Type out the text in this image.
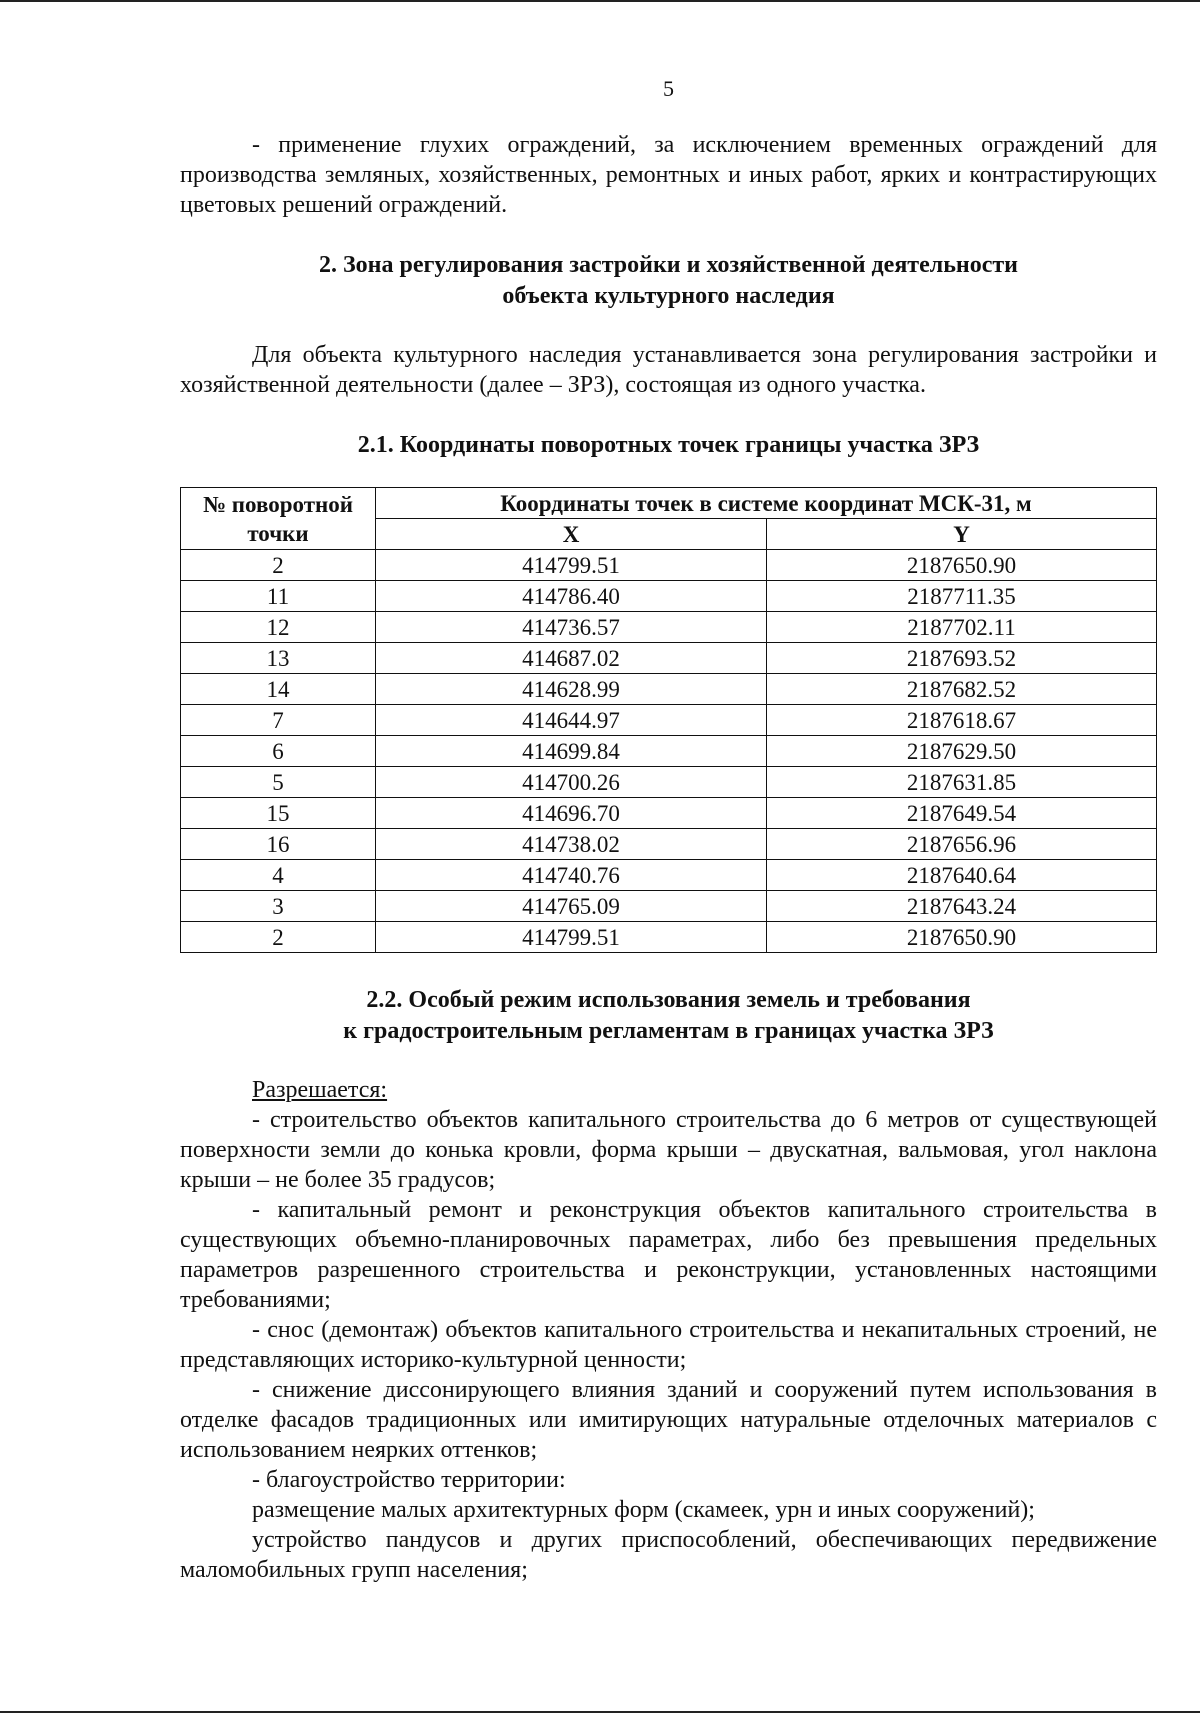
5

- применение глухих ограждений, за исключением временных ограждений для производства земляных, хозяйственных, ремонтных и иных работ, ярких и контрастирующих цветовых решений ограждений.

2. Зона регулирования застройки и хозяйственной деятельности
объекта культурного наследия

Для объекта культурного наследия устанавливается зона регулирования застройки и хозяйственной деятельности (далее – ЗРЗ), состоящая из одного участка.

2.1. Координаты поворотных точек границы участка ЗРЗ
№ поворотной
точки	Координаты точек в системе координат МСК-31, м	
	X	Y
2	414799.51	2187650.90
11	414786.40	2187711.35
12	414736.57	2187702.11
13	414687.02	2187693.52
14	414628.99	2187682.52
7	414644.97	2187618.67
6	414699.84	2187629.50
5	414700.26	2187631.85
15	414696.70	2187649.54
16	414738.02	2187656.96
4	414740.76	2187640.64
3	414765.09	2187643.24
2	414799.51	2187650.90
2.2. Особый режим использования земель и требования
к градостроительным регламентам в границах участка ЗРЗ

Разрешается:

- строительство объектов капитального строительства до 6 метров от существующей поверхности земли до конька кровли, форма крыши – двускатная, вальмовая, угол наклона крыши – не более 35 градусов;

- капитальный ремонт и реконструкция объектов капитального строительства в существующих объемно-планировочных параметрах, либо без превышения предельных параметров разрешенного строительства и реконструкции, установленных настоящими требованиями;

- снос (демонтаж) объектов капитального строительства и некапитальных строений, не представляющих историко-культурной ценности;

- снижение диссонирующего влияния зданий и сооружений путем использования в отделке фасадов традиционных или имитирующих натуральные отделочных материалов с использованием неярких оттенков;

- благоустройство территории:

размещение малых архитектурных форм (скамеек, урн и иных сооружений);

устройство пандусов и других приспособлений, обеспечивающих передвижение маломобильных групп населения;
